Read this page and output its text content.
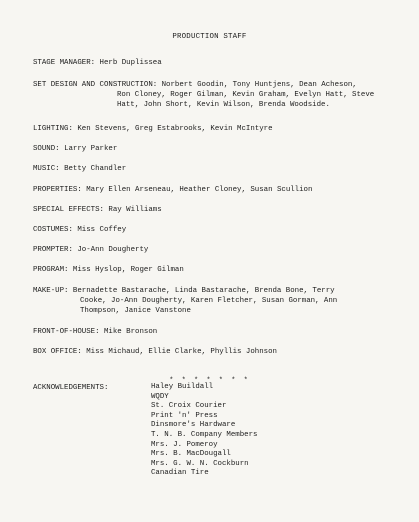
PRODUCTION STAFF
STAGE MANAGER: Herb Duplissea
SET DESIGN AND CONSTRUCTION: Norbert Goodin, Tony Huntjens, Dean Acheson,
Ron Cloney, Roger Gilman, Kevin Graham, Evelyn Hatt, Steve
Hatt, John Short, Kevin Wilson, Brenda Woodside.
LIGHTING: Ken Stevens, Greg Estabrooks, Kevin McIntyre
SOUND: Larry Parker
MUSIC: Betty Chandler
PROPERTIES: Mary Ellen Arseneau, Heather Cloney, Susan Scullion
SPECIAL EFFECTS: Ray Williams
COSTUMES: Miss Coffey
PROMPTER: Jo-Ann Dougherty
PROGRAM: Miss Hyslop, Roger Gilman
MAKE-UP: Bernadette Bastarache, Linda Bastarache, Brenda Bone, Terry
Cooke, Jo-Ann Dougherty, Karen Fletcher, Susan Gorman, Ann
Thompson, Janice Vanstone
FRONT-OF-HOUSE: Mike Bronson
BOX OFFICE: Miss Michaud, Ellie Clarke, Phyllis Johnson
* * * * * * *
ACKNOWLEDGEMENTS:	Haley Buildall
WQDY
St. Croix Courier
Print 'n' Press
Dinsmore's Hardware
T. N. B. Company Members
Mrs. J. Pomeroy
Mrs. B. MacDougall
Mrs. G. W. N. Cockburn
Canadian Tire
